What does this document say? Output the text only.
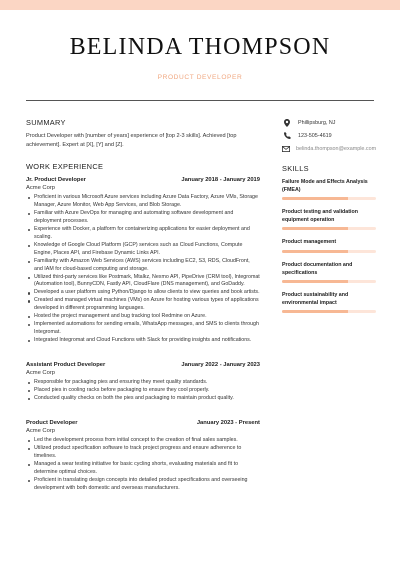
BELINDA THOMPSON
PRODUCT DEVELOPER
SUMMARY
Product Developer with [number of years] experience of [top 2-3 skills]. Achieved [top achievement]. Expert at [X], [Y] and [Z].
WORK EXPERIENCE
Jr. Product Developer	January 2018 - January 2019
Acme Corp
Proficient in various Microsoft Azure services including Azure Data Factory, Azure VMs, Storage Manager, Azure Monitor, Web App Services, and Blob Storage.
Familiar with Azure DevOps for managing and automating software development and deployment processes.
Experience with Docker, a platform for containerizing applications for easier deployment and scaling.
Knowledge of Google Cloud Platform (GCP) services such as Cloud Functions, Compute Engine, Places API, and Firebase Dynamic Links API.
Familiarity with Amazon Web Services (AWS) services including EC2, S3, RDS, CloudFront, and IAM for cloud-based computing and storage.
Utilized third-party services like Postmark, Mtalkz, Nexmo API, PipeDrive (CRM tool), Integromat (Automation tool), BunnyCDN, Fastly API, CloudFlare (DNS management), and GoDaddy.
Developed a user platform using Python/Django to allow clients to view queries and book artists.
Created and managed virtual machines (VMs) on Azure for hosting various types of applications developed in different programming languages.
Hosted the project management and bug tracking tool Redmine on Azure.
Implemented automations for sending emails, WhatsApp messages, and SMS to clients through Integromat.
Integrated Integromat and Cloud Functions with Slack for providing insights and notifications.
Assistant Product Developer	January 2022 - January 2023
Acme Corp
Responsible for packaging pies and ensuring they meet quality standards.
Placed pies in cooling racks before packaging to ensure they cool properly.
Conducted quality checks on both the pies and packaging to maintain product quality.
Product Developer	January 2023 - Present
Acme Corp
Led the development process from initial concept to the creation of final sales samples.
Utilized product specification software to track project progress and ensure adherence to timelines.
Managed a wear testing initiative for basic cycling shorts, evaluating materials and fit to determine optimal choices.
Proficient in translating design concepts into detailed product specifications and overseeing development with both domestic and overseas manufacturers.
Phillipsburg, NJ
123-505-4619
belinda.thompson@example.com
SKILLS
Failure Mode and Effects Analysis (FMEA)
Product testing and validation equipment operation
Product management
Product documentation and specifications
Product sustainability and environmental impact
